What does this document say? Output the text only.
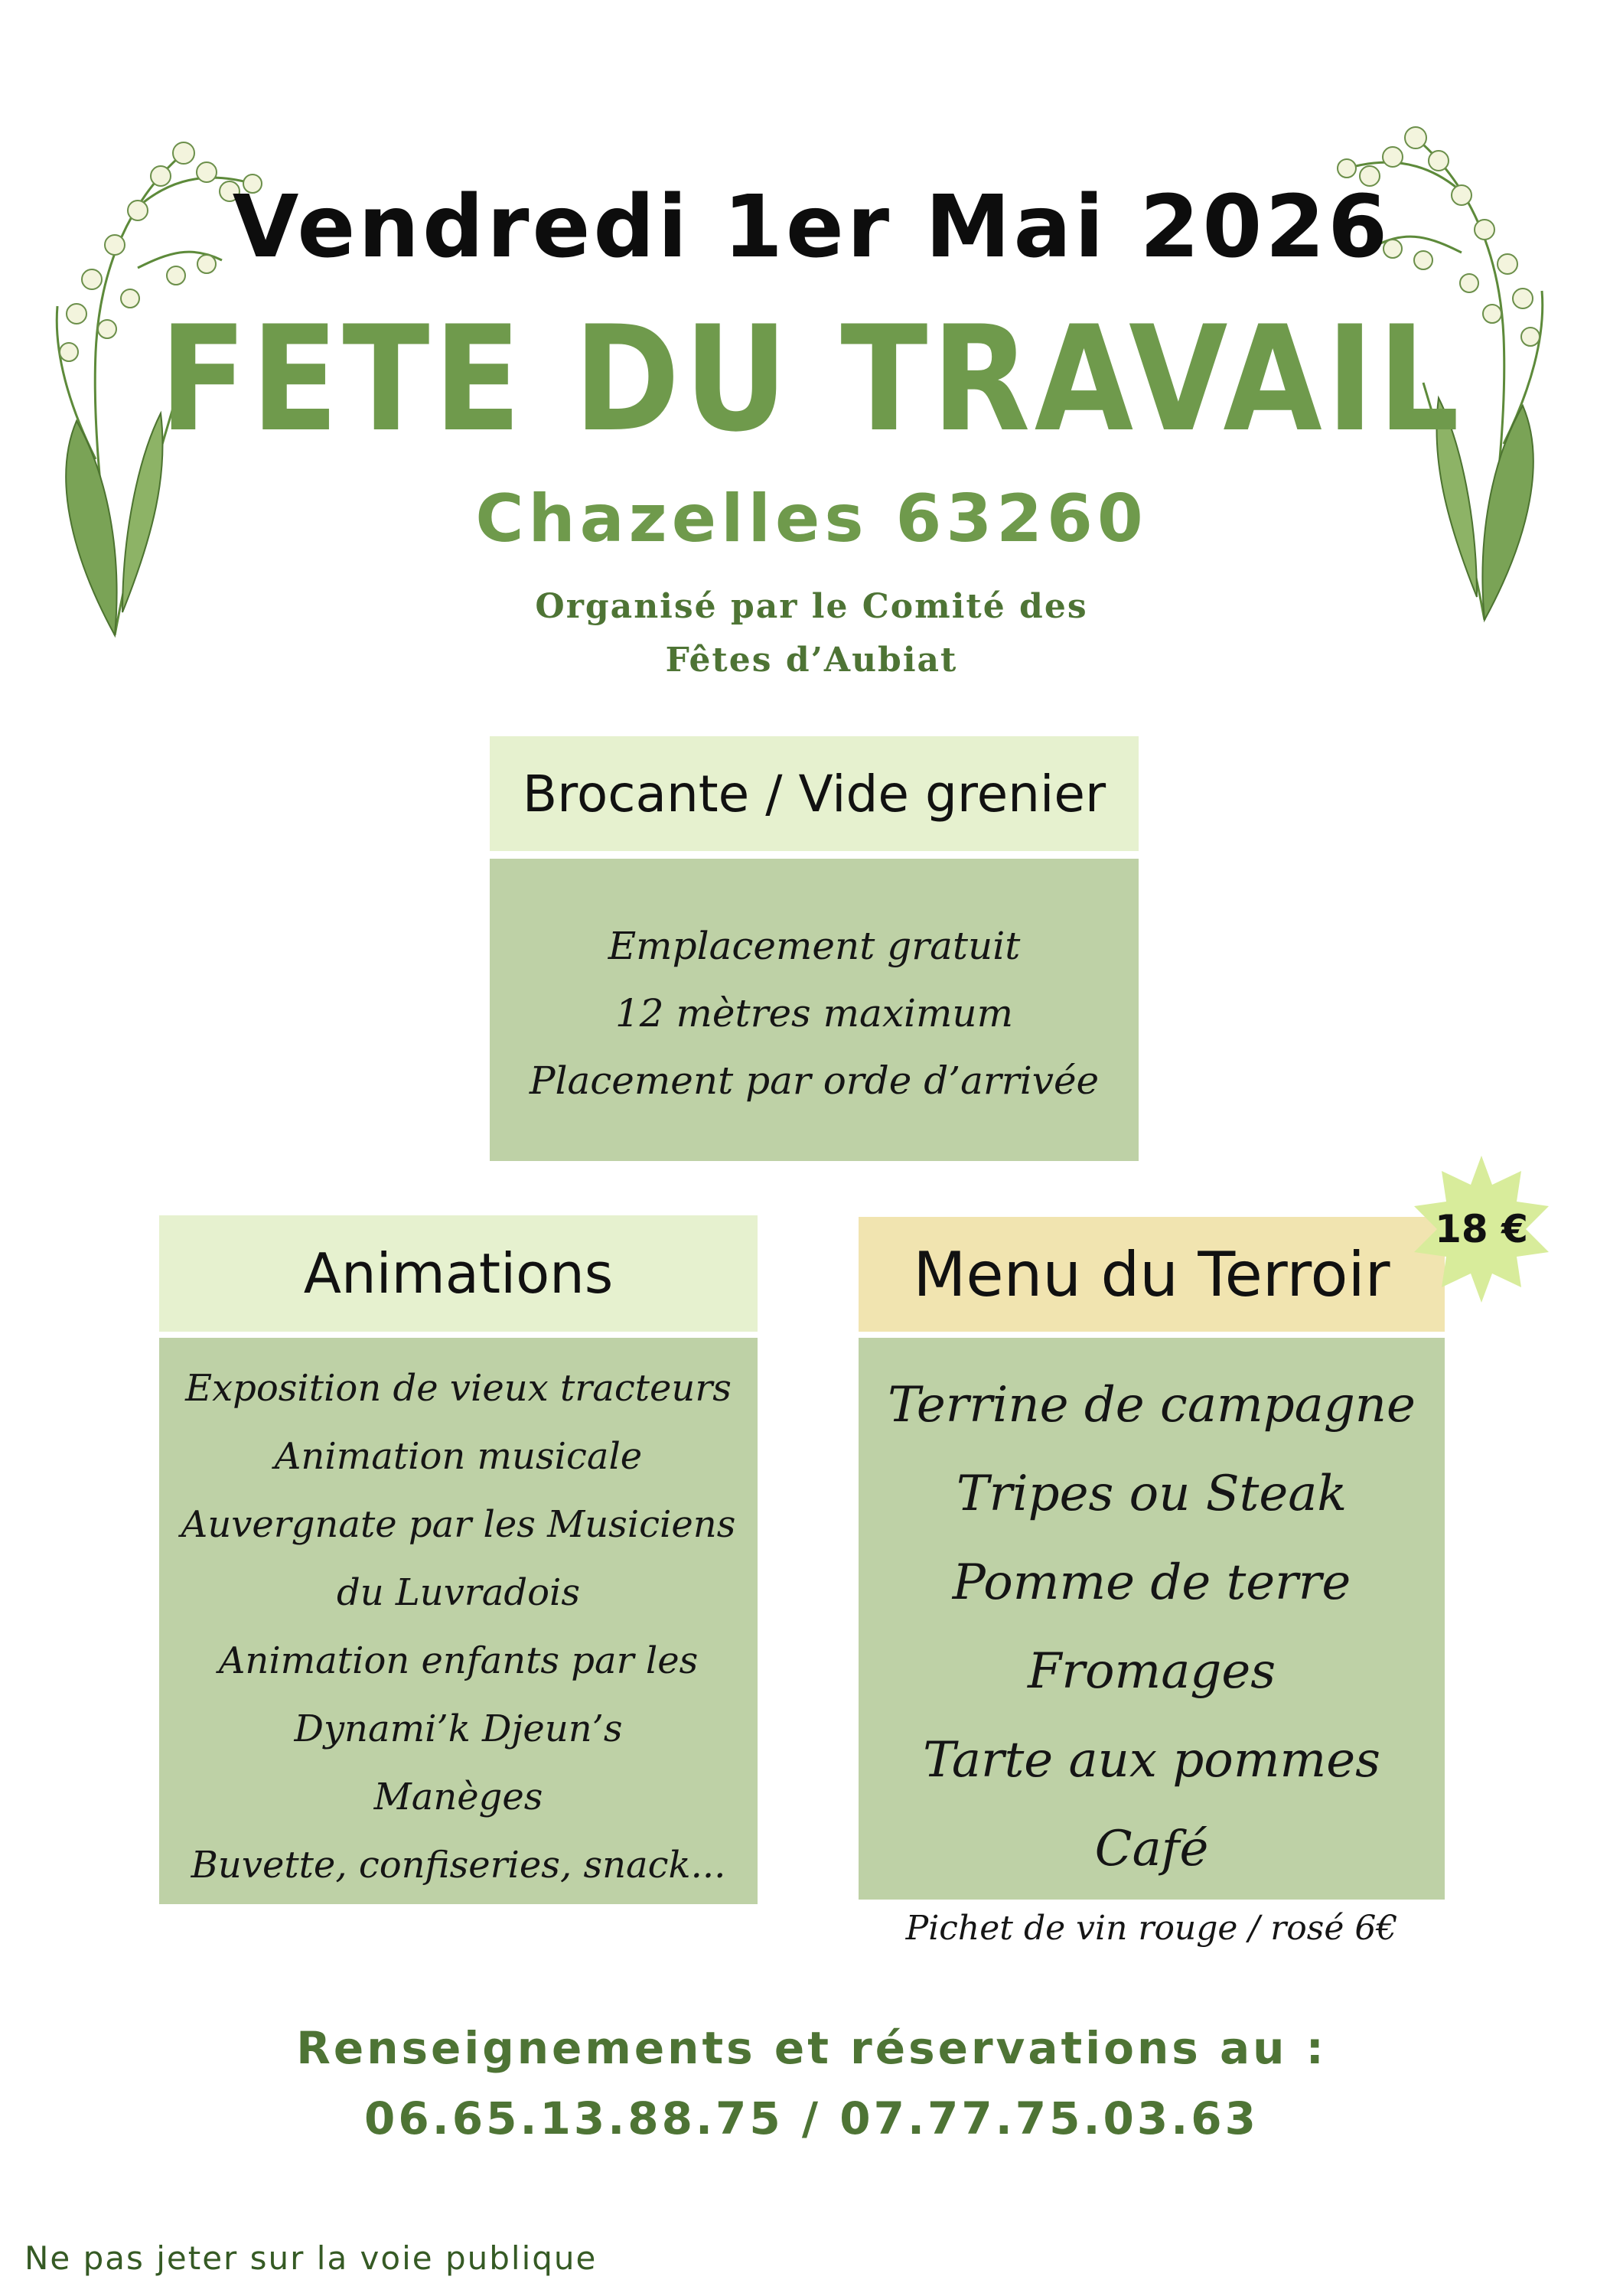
Vendredi 1er Mai 2026
FETE DU TRAVAIL
Chazelles 63260
Organisé par le Comité des
Fêtes d’Aubiat
Brocante / Vide grenier
Emplacement gratuit
12 mètres maximum
Placement par orde d’arrivée
Animations
Exposition de vieux tracteurs
Animation musicale
Auvergnate par les Musiciens
du Luvradois
Animation enfants par les
Dynami’k Djeun’s
Manèges
Buvette, confiseries, snack...
Menu du Terroir
Terrine de campagne
Tripes ou Steak
Pomme de terre
Fromages
Tarte aux pommes
Café
18 €
Pichet de vin rouge / rosé 6€
Renseignements et réservations au :
06.65.13.88.75 / 07.77.75.03.63
Ne pas jeter sur la voie publique
